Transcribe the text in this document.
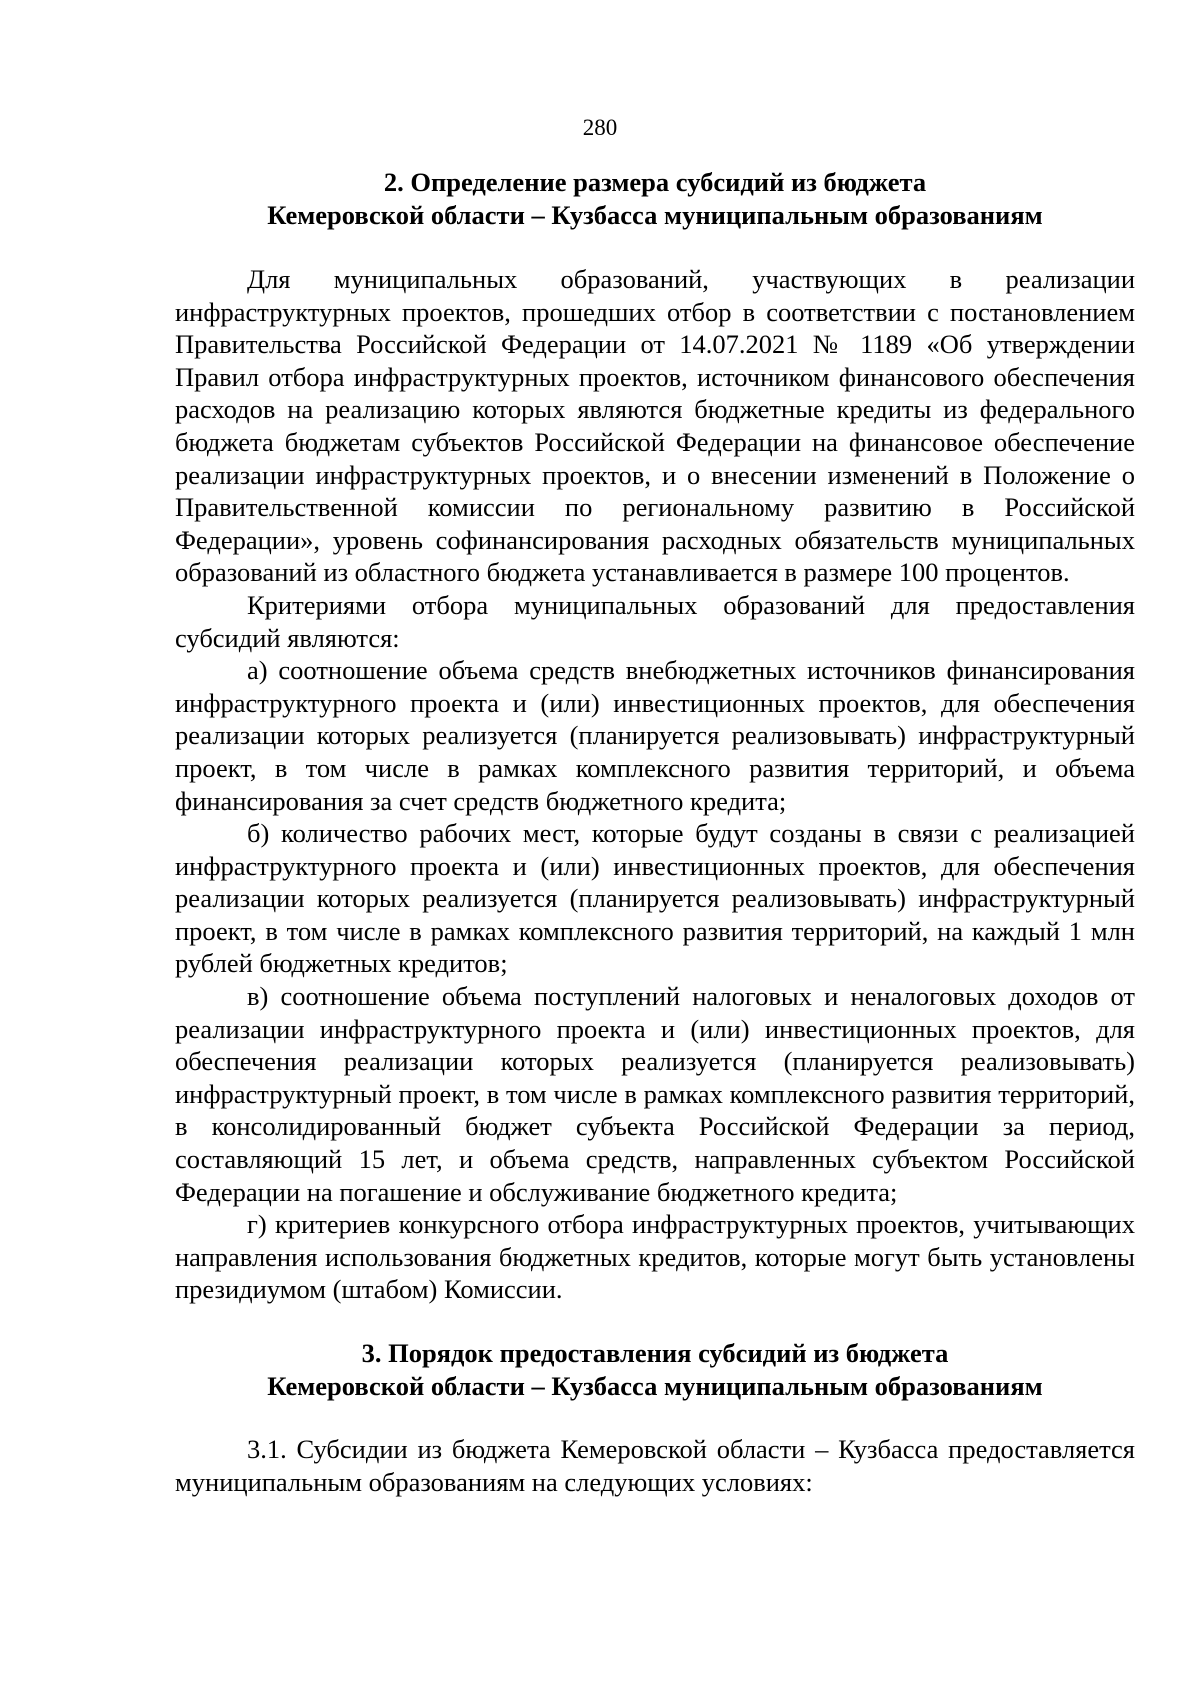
280
2. Определение размера субсидий из бюджета
Кемеровской области – Кузбасса муниципальным образованиям

Для муниципальных образований, участвующих в реализации инфраструктурных проектов, прошедших отбор в соответствии с постановлением Правительства Российской Федерации от 14.07.2021 № 1189 «Об утверждении Правил отбора инфраструктурных проектов, источником финансового обеспечения расходов на реализацию которых являются бюджетные кредиты из федерального бюджета бюджетам субъектов Российской Федерации на финансовое обеспечение реализации инфраструктурных проектов, и о внесении изменений в Положение о Правительственной комиссии по региональному развитию в Российской Федерации», уровень софинансирования расходных обязательств муниципальных образований из областного бюджета устанавливается в размере 100 процентов.

Критериями отбора муниципальных образований для предоставления субсидий являются:

а) соотношение объема средств внебюджетных источников финансирования инфраструктурного проекта и (или) инвестиционных проектов, для обеспечения реализации которых реализуется (планируется реализовывать) инфраструктурный проект, в том числе в рамках комплексного развития территорий, и объема финансирования за счет средств бюджетного кредита;

б) количество рабочих мест, которые будут созданы в связи с реализацией инфраструктурного проекта и (или) инвестиционных проектов, для обеспечения реализации которых реализуется (планируется реализовывать) инфраструктурный проект, в том числе в рамках комплексного развития территорий, на каждый 1 млн рублей бюджетных кредитов;

в) соотношение объема поступлений налоговых и неналоговых доходов от реализации инфраструктурного проекта и (или) инвестиционных проектов, для обеспечения реализации которых реализуется (планируется реализовывать) инфраструктурный проект, в том числе в рамках комплексного развития территорий, в консолидированный бюджет субъекта Российской Федерации за период, составляющий 15 лет, и объема средств, направленных субъектом Российской Федерации на погашение и обслуживание бюджетного кредита;

г) критериев конкурсного отбора инфраструктурных проектов, учитывающих направления использования бюджетных кредитов, которые могут быть установлены президиумом (штабом) Комиссии.

3. Порядок предоставления субсидий из бюджета
Кемеровской области – Кузбасса муниципальным образованиям

3.1. Субсидии из бюджета Кемеровской области – Кузбасса предоставляется муниципальным образованиям на следующих условиях:
